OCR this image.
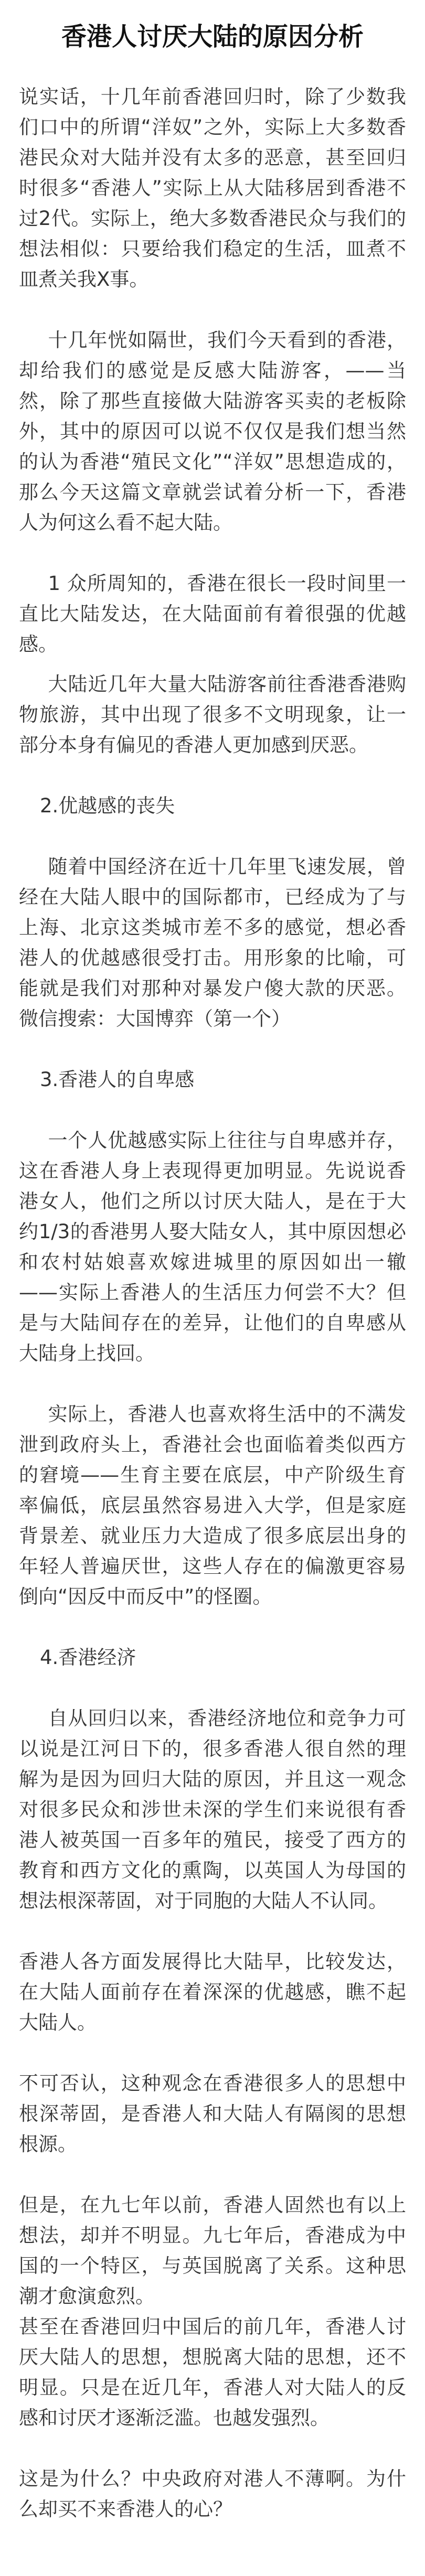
香港人讨厌大陆的原因分析

说实话，十几年前香港回归时，除了少数我们口中的所谓“洋奴”之外，实际上大多数香港民众对大陆并没有太多的恶意，甚至回归时很多“香港人”实际上从大陆移居到香港不过2代。实际上，绝大多数香港民众与我们的想法相似：只要给我们稳定的生活，皿煮不皿煮关我X事。

十几年恍如隔世，我们今天看到的香港，却给我们的感觉是反感大陆游客，——当然，除了那些直接做大陆游客买卖的老板除外，其中的原因可以说不仅仅是我们想当然的认为香港“殖民文化”“洋奴”思想造成的，那么今天这篇文章就尝试着分析一下，香港人为何这么看不起大陆。

1 众所周知的，香港在很长一段时间里一直比大陆发达，在大陆面前有着很强的优越感。

大陆近几年大量大陆游客前往香港香港购物旅游，其中出现了很多不文明现象，让一部分本身有偏见的香港人更加感到厌恶。

2.优越感的丧失

随着中国经济在近十几年里飞速发展，曾经在大陆人眼中的国际都市，已经成为了与上海、北京这类城市差不多的感觉，想必香港人的优越感很受打击。用形象的比喻，可能就是我们对那种对暴发户傻大款的厌恶。微信搜索：大国博弈（第一个）

3.香港人的自卑感

一个人优越感实际上往往与自卑感并存，这在香港人身上表现得更加明显。先说说香港女人，他们之所以讨厌大陆人，是在于大约1/3的香港男人娶大陆女人，其中原因想必和农村姑娘喜欢嫁进城里的原因如出一辙——实际上香港人的生活压力何尝不大？但是与大陆间存在的差异，让他们的自卑感从大陆身上找回。

实际上，香港人也喜欢将生活中的不满发泄到政府头上，香港社会也面临着类似西方的窘境——生育主要在底层，中产阶级生育率偏低，底层虽然容易进入大学，但是家庭背景差、就业压力大造成了很多底层出身的年轻人普遍厌世，这些人存在的偏激更容易倒向“因反中而反中”的怪圈。

4.香港经济

自从回归以来，香港经济地位和竞争力可以说是江河日下的，很多香港人很自然的理解为是因为回归大陆的原因，并且这一观念对很多民众和涉世未深的学生们来说很有香港人被英国一百多年的殖民，接受了西方的教育和西方文化的熏陶，以英国人为母国的想法根深蒂固，对于同胞的大陆人不认同。

香港人各方面发展得比大陆早，比较发达，在大陆人面前存在着深深的优越感，瞧不起大陆人。

不可否认，这种观念在香港很多人的思想中根深蒂固，是香港人和大陆人有隔阂的思想根源。

但是，在九七年以前，香港人固然也有以上想法，却并不明显。九七年后，香港成为中国的一个特区，与英国脱离了关系。这种思潮才愈演愈烈。

甚至在香港回归中国后的前几年，香港人讨厌大陆人的思想，想脱离大陆的思想，还不明显。只是在近几年，香港人对大陆人的反感和讨厌才逐渐泛滥。也越发强烈。

这是为什么？中央政府对港人不薄啊。为什么却买不来香港人的心？
